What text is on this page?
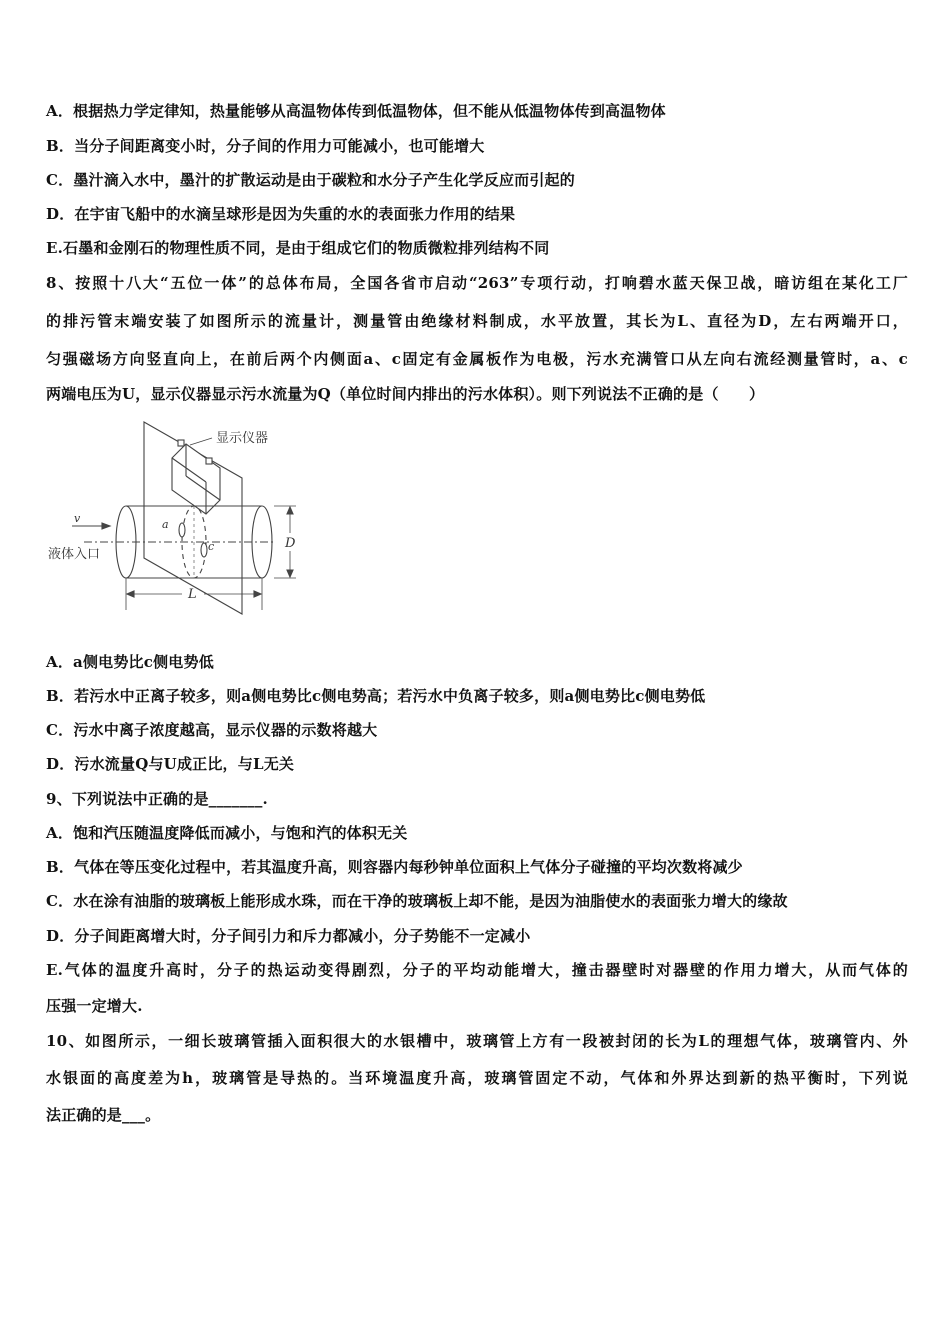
A．根据热力学定律知，热量能够从高温物体传到低温物体，但不能从低温物体传到高温物体
B．当分子间距离变小时，分子间的作用力可能减小，也可能增大
C．墨汁滴入水中，墨汁的扩散运动是由于碳粒和水分子产生化学反应而引起的
D．在宇宙飞船中的水滴呈球形是因为失重的水的表面张力作用的结果
E.石墨和金刚石的物理性质不同，是由于组成它们的物质微粒排列结构不同
8、按照十八大“五位一体”的总体布局，全国各省市启动“263”专项行动，打响碧水蓝天保卫战，暗访组在某化工厂
的排污管末端安装了如图所示的流量计，测量管由绝缘材料制成，水平放置，其长为L、直径为D，左右两端开口，
匀强磁场方向竖直向上，在前后两个内侧面a、c固定有金属板作为电极，污水充满管口从左向右流经测量管时，a、c
两端电压为U，显示仪器显示污水流量为Q（单位时间内排出的污水体积）。则下列说法不正确的是（　　）
显示仪器
液体入口
v	a
c	D
L
A．a侧电势比c侧电势低
B．若污水中正离子较多，则a侧电势比c侧电势高；若污水中负离子较多，则a侧电势比c侧电势低
C．污水中离子浓度越高，显示仪器的示数将越大
D．污水流量Q与U成正比，与L无关
9、下列说法中正确的是_______.
A．饱和汽压随温度降低而减小，与饱和汽的体积无关
B．气体在等压变化过程中，若其温度升高，则容器内每秒钟单位面积上气体分子碰撞的平均次数将减少
C．水在涂有油脂的玻璃板上能形成水珠，而在干净的玻璃板上却不能，是因为油脂使水的表面张力增大的缘故
D．分子间距离增大时，分子间引力和斥力都减小，分子势能不一定减小
E.气体的温度升高时，分子的热运动变得剧烈，分子的平均动能增大，撞击器壁时对器壁的作用力增大，从而气体的
压强一定增大.
10、如图所示，一细长玻璃管插入面积很大的水银槽中，玻璃管上方有一段被封闭的长为L的理想气体，玻璃管内、外
水银面的高度差为h，玻璃管是导热的。当环境温度升高，玻璃管固定不动，气体和外界达到新的热平衡时，下列说
法正确的是___。
